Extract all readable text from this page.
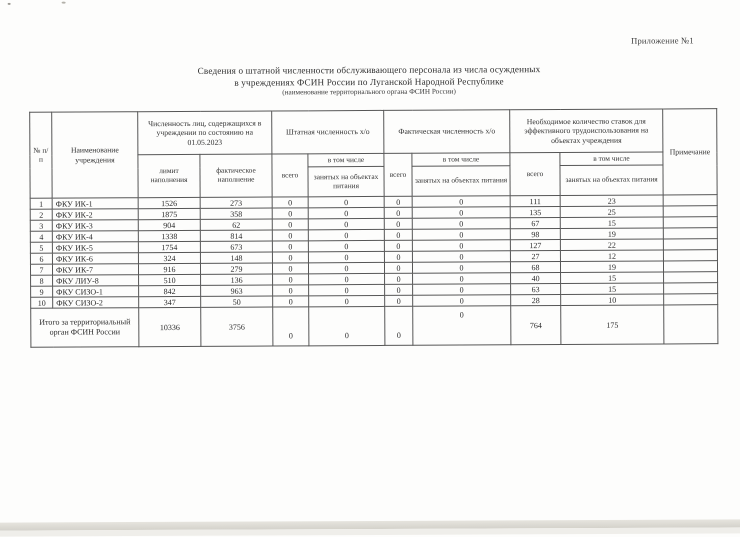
Приложение №1
Сведения о штатной численности обслуживающего персонала из числа осужденных
в учреждениях ФСИН России по Луганской Народной Республике
(наименование территориального органа ФСИН России)
№ п/п	Наименование учреждения	Численность лиц, содержащихся в учреждении по состоянию на 01.05.2023		Штатная численность х/о		Фактическая численность х/о		Необходимое количество ставок для эффективного трудоиспользования на объектах учреждения		Примечание
		лимит наполнения	фактическое наполнение	всего	в том числе	всего	в том числе	всего	в том числе	
					занятых на объектах питания		занятых на объектах питания		занятых на объектах питания	
1	ФКУ ИК-1	1526	273	0	0	0	0	111	23	
2	ФКУ ИК-2	1875	358	0	0	0	0	135	25	
3	ФКУ ИК-3	904	62	0	0	0	0	67	15	
4	ФКУ ИК-4	1338	814	0	0	0	0	98	19	
5	ФКУ ИК-5	1754	673	0	0	0	0	127	22	
6	ФКУ ИК-6	324	148	0	0	0	0	27	12	
7	ФКУ ИК-7	916	279	0	0	0	0	68	19	
8	ФКУ ЛИУ-8	510	136	0	0	0	0	40	15	
9	ФКУ СИЗО-1	842	963	0	0	0	0	63	15	
10	ФКУ СИЗО-2	347	50	0	0	0	0	28	10	
Итого за территориальный орган ФСИН России		10336	3756	0	0	0	0	764	175	
